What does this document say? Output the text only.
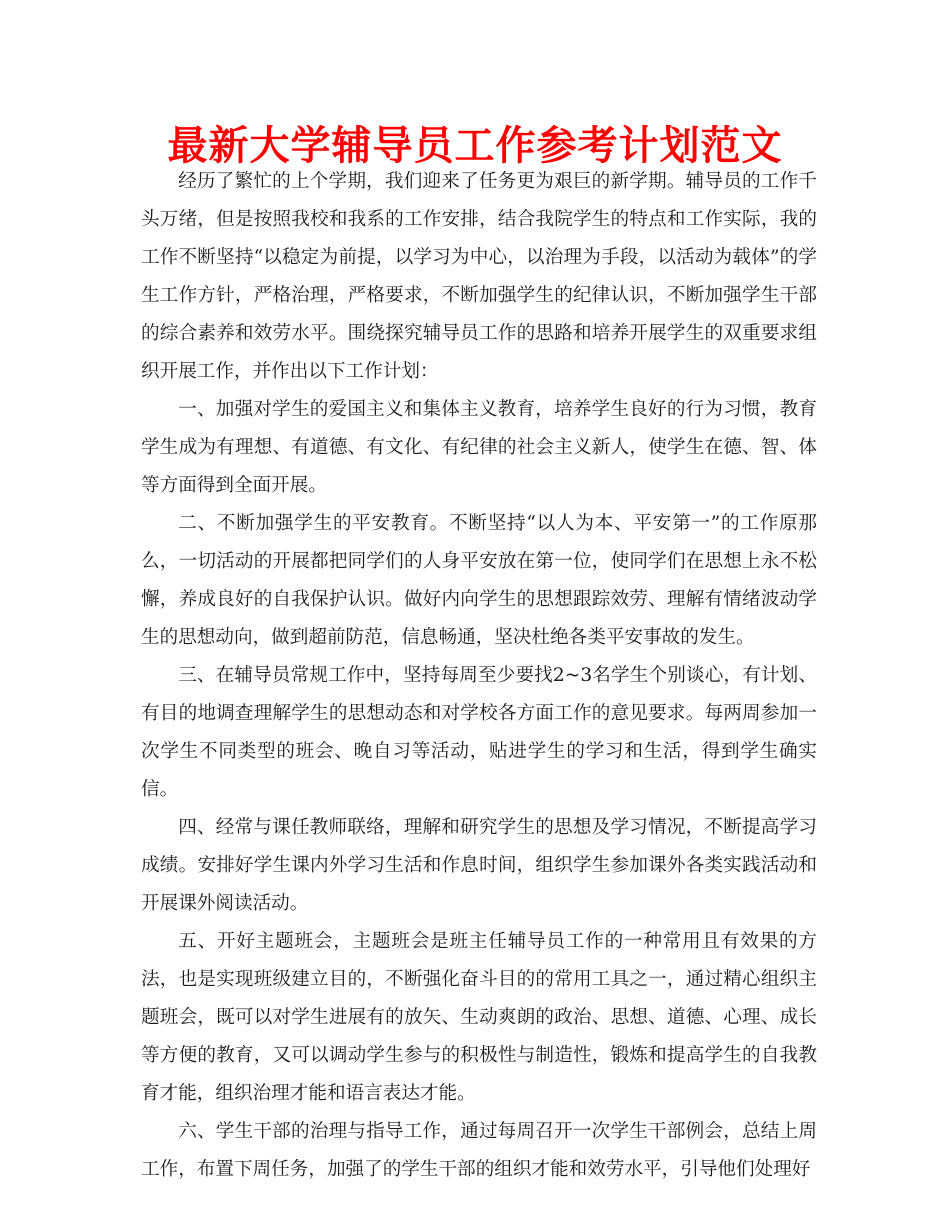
最新大学辅导员工作参考计划范文

经历了繁忙的上个学期，我们迎来了任务更为艰巨的新学期。辅导员的工作千头万绪，但是按照我校和我系的工作安排，结合我院学生的特点和工作实际，我的工作不断坚持“以稳定为前提，以学习为中心，以治理为手段，以活动为载体”的学生工作方针，严格治理，严格要求，不断加强学生的纪律认识，不断加强学生干部的综合素养和效劳水平。围绕探究辅导员工作的思路和培养开展学生的双重要求组织开展工作，并作出以下工作计划：

一、加强对学生的爱国主义和集体主义教育，培养学生良好的行为习惯，教育学生成为有理想、有道德、有文化、有纪律的社会主义新人，使学生在德、智、体等方面得到全面开展。

二、不断加强学生的平安教育。不断坚持“以人为本、平安第一”的工作原那么，一切活动的开展都把同学们的人身平安放在第一位，使同学们在思想上永不松懈，养成良好的自我保护认识。做好内向学生的思想跟踪效劳、理解有情绪波动学生的思想动向，做到超前防范，信息畅通，坚决杜绝各类平安事故的发生。

三、在辅导员常规工作中，坚持每周至少要找2~3名学生个别谈心，有计划、有目的地调查理解学生的思想动态和对学校各方面工作的意见要求。每两周参加一次学生不同类型的班会、晚自习等活动，贴进学生的学习和生活，得到学生确实信。

四、经常与课任教师联络，理解和研究学生的思想及学习情况，不断提高学习成绩。安排好学生课内外学习生活和作息时间，组织学生参加课外各类实践活动和开展课外阅读活动。

五、开好主题班会，主题班会是班主任辅导员工作的一种常用且有效果的方法，也是实现班级建立目的，不断强化奋斗目的的常用工具之一，通过精心组织主题班会，既可以对学生进展有的放矢、生动爽朗的政治、思想、道德、心理、成长等方便的教育，又可以调动学生参与的积极性与制造性，锻炼和提高学生的自我教育才能，组织治理才能和语言表达才能。

六、学生干部的治理与指导工作，通过每周召开一次学生干部例会，总结上周工作，布置下周任务，加强了的学生干部的组织才能和效劳水平，引导他们处理好
